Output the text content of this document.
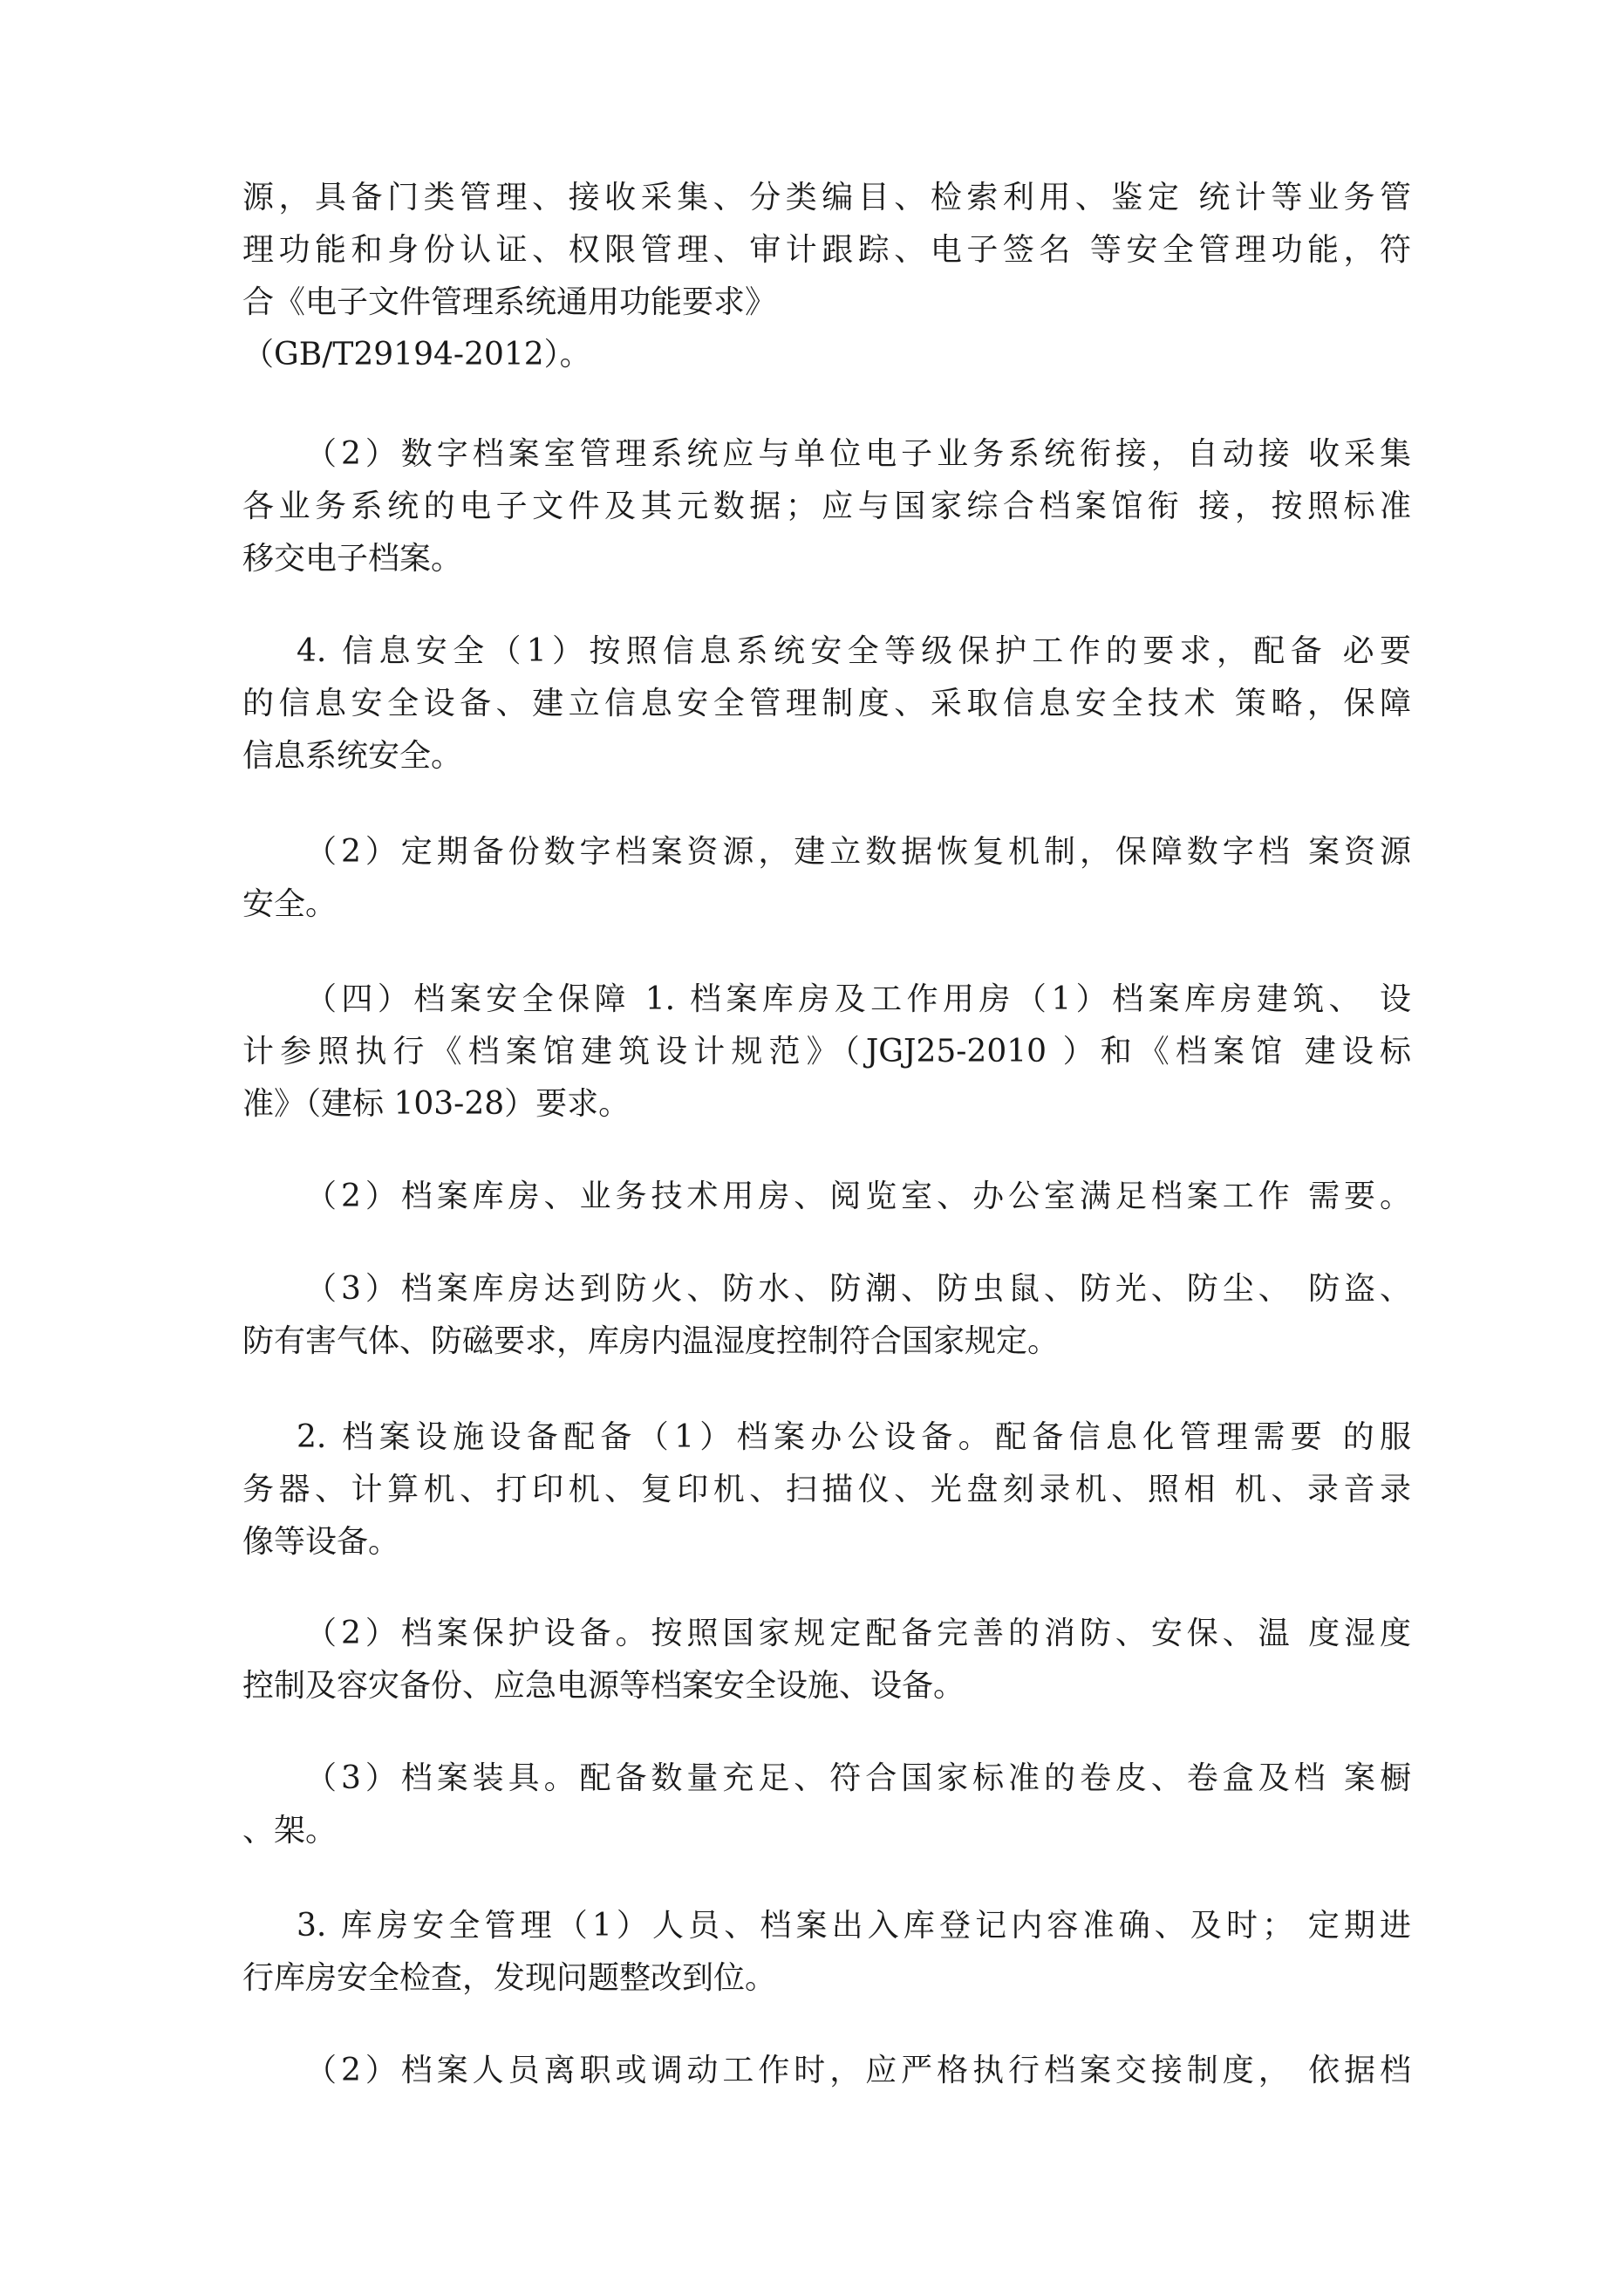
源，具备门类管理、接收采集、分类编目、检索利用、鉴定 统计等业务管
理功能和身份认证、权限管理、审计跟踪、电子签名 等安全管理功能，符
合《电子文件管理系统通用功能要求》
（GB/T29194-2012）。
（2）数字档案室管理系统应与单位电子业务系统衔接，自动接 收采集
各业务系统的电子文件及其元数据；应与国家综合档案馆衔 接，按照标准
移交电子档案。
4. 信息安全（1）按照信息系统安全等级保护工作的要求，配备 必要
的信息安全设备、建立信息安全管理制度、采取信息安全技术 策略，保障
信息系统安全。
（2）定期备份数字档案资源，建立数据恢复机制，保障数字档 案资源
安全。
（四）档案安全保障 1. 档案库房及工作用房（1）档案库房建筑、 设
计参照执行《档案馆建筑设计规范》（JGJ25-2010 ）和《档案馆 建设标
准》（建标 103-28）要求。
（2）档案库房、业务技术用房、阅览室、办公室满足档案工作 需要。
（3）档案库房达到防火、防水、防潮、防虫鼠、防光、防尘、 防盗、
防有害气体、防磁要求，库房内温湿度控制符合国家规定。
2. 档案设施设备配备（1）档案办公设备。配备信息化管理需要 的服
务器、计算机、打印机、复印机、扫描仪、光盘刻录机、照相 机、录音录
像等设备。
（2）档案保护设备。按照国家规定配备完善的消防、安保、温 度湿度
控制及容灾备份、应急电源等档案安全设施、设备。
（3）档案装具。配备数量充足、符合国家标准的卷皮、卷盒及档 案橱
、架。
3. 库房安全管理（1）人员、档案出入库登记内容准确、及时； 定期进
行库房安全检查，发现问题整改到位。
（2）档案人员离职或调动工作时，应严格执行档案交接制度， 依据档
